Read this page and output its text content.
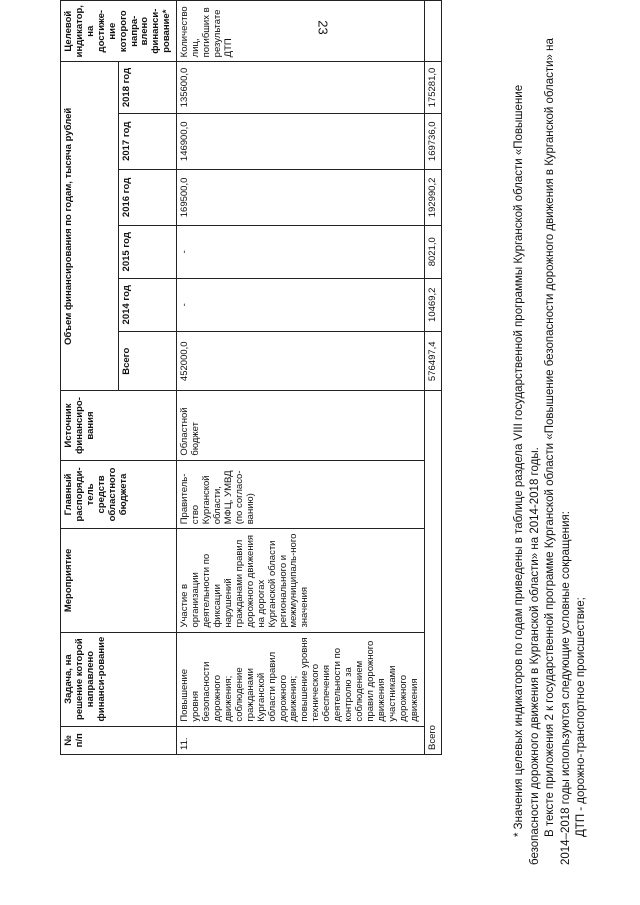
23
№ п/п	Задача, на решение которой направлено финанси-рование	Мероприятие	Главный распоряди-тель средств областного бюджета	Источник финансиро-вания	Объем финансирования по годам, тысяча рублей						Целевой индикатор, на достиже-ние которого напра-влено финанси-рование*
					Всего	2014 год	2015 год	2016 год	2017 год	2018 год	
11.	Повышение уровня безопасности дорожного движения; соблюдение гражданами Курганской области правил дорожного движения; повышение уровня технического обеспечения деятельности по контролю за соблюдением правил дорожного движения участниками дорожного движения	Участие в организации деятельности по фиксации нарушений гражданами правил дорожного движения на дорогах Курганской области регионального и межмуниципаль-ного значения	Правитель-ство Курганской области, МФЦ, УМВД (по согласо-ванию)	Областной бюджет	452000,0	-	-	169500,0	146900,0	135600,0	Количество лиц, погибших в результате ДТП
Всего					576497,4	10469,2	8021,0	192990,2	169736,0	175281,0		* Значения целевых индикаторов по годам приведены в таблице раздела VIII государственной программы Курганской области «Повышение безопасности дорожного движения в Курганской области» на 2014-2018 годы. В тексте приложения 2 к государственной программе Курганской области «Повышение безопасности дорожного движения в Курганской области» на 2014–2018 годы используются следующие условные сокращения: ДТП - дорожно-транспортное происшествие;
